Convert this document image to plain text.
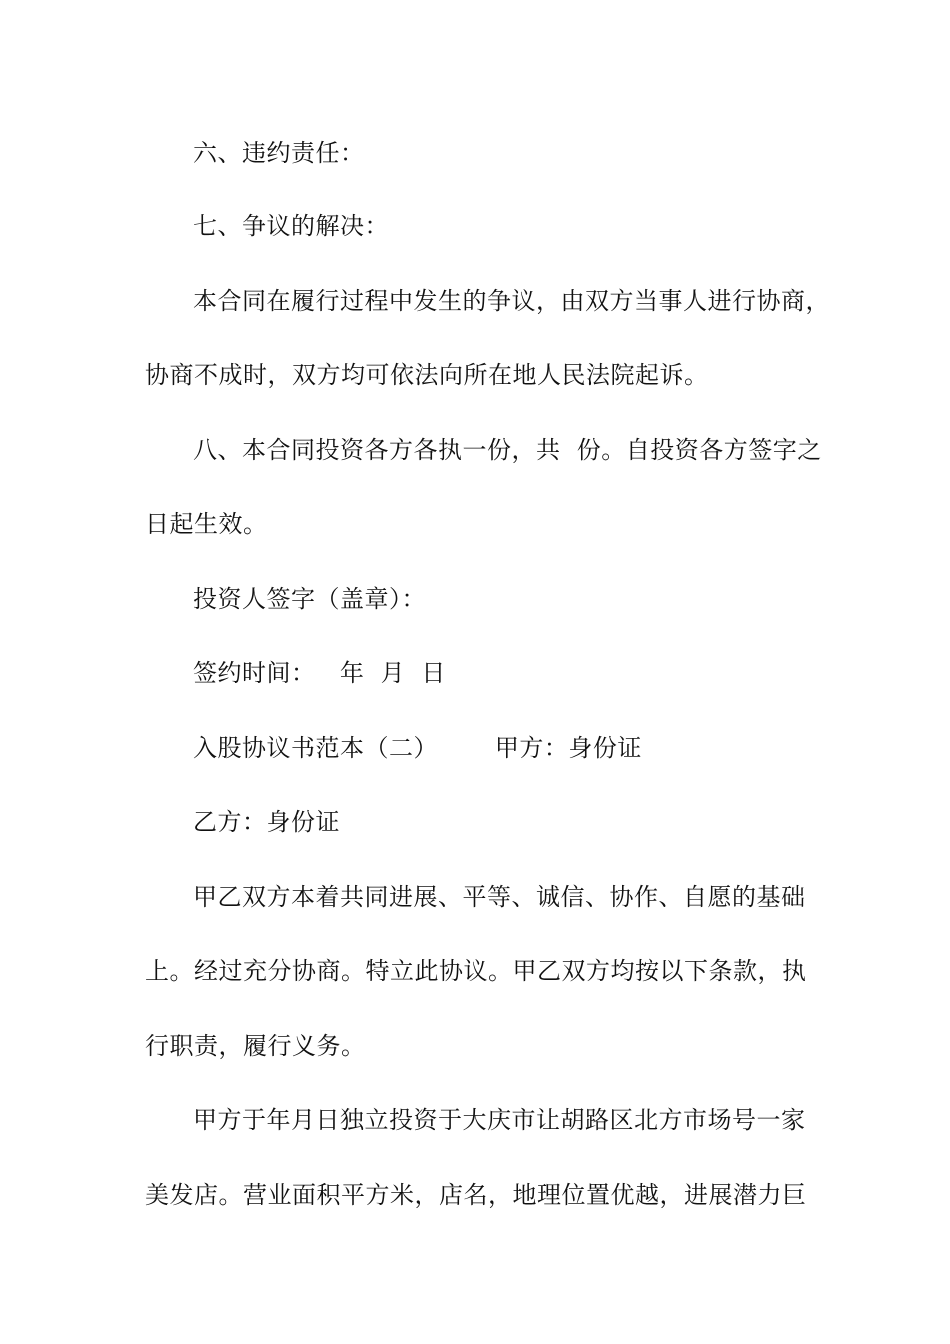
六、违约责任：
七、争议的解决：
本合同在履行过程中发生的争议，由双方当事人进行协商，
协商不成时，双方均可依法向所在地人民法院起诉。
八、本合同投资各方各执一份，共  份。自投资各方签字之
日起生效。
投资人签字（盖章）：
签约时间：   年  月  日
入股协议书范本（二）       甲方：身份证
乙方：身份证
甲乙双方本着共同进展、平等、诚信、协作、自愿的基础
上。经过充分协商。特立此协议。甲乙双方均按以下条款，执
行职责，履行义务。
甲方于年月日独立投资于大庆市让胡路区北方市场号一家
美发店。营业面积平方米，店名，地理位置优越，进展潜力巨
